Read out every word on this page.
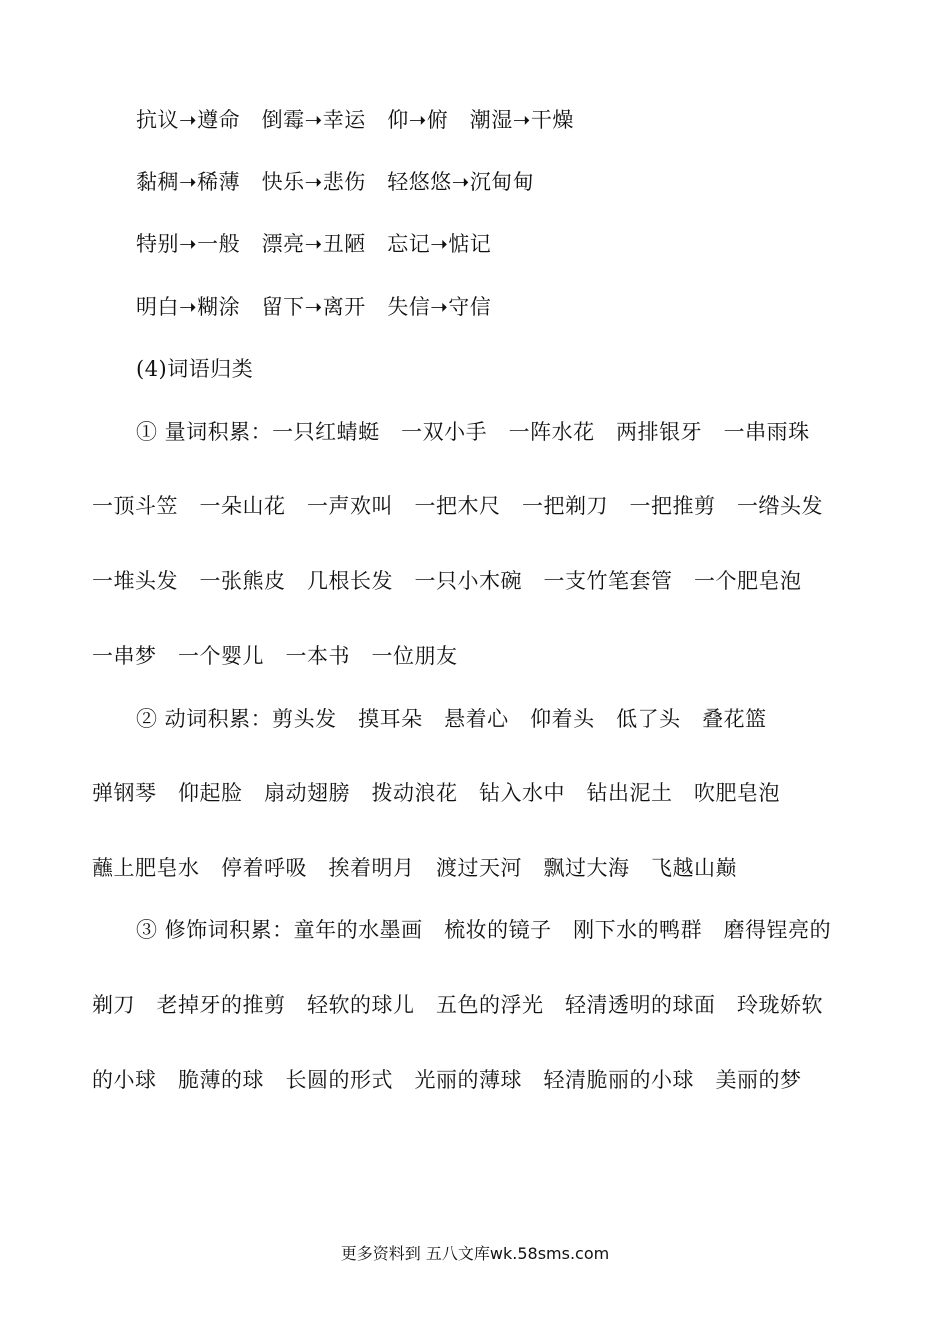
抗议➝遵命　倒霉➝幸运　仰➝俯　潮湿➝干燥
黏稠➝稀薄　快乐➝悲伤　轻悠悠➝沉甸甸
特别➝一般　漂亮➝丑陋　忘记➝惦记
明白➝糊涂　留下➝离开　失信➝守信
(4)词语归类
① 量词积累：一只红蜻蜓　一双小手　一阵水花　两排银牙　一串雨珠
一顶斗笠　一朵山花　一声欢叫　一把木尺　一把剃刀　一把推剪　一绺头发
一堆头发　一张熊皮　几根长发　一只小木碗　一支竹笔套管　一个肥皂泡
一串梦　一个婴儿　一本书　一位朋友
② 动词积累：剪头发　摸耳朵　悬着心　仰着头　低了头　叠花篮
弹钢琴　仰起脸　扇动翅膀　拨动浪花　钻入水中　钻出泥土　吹肥皂泡
蘸上肥皂水　停着呼吸　挨着明月　渡过天河　飘过大海　飞越山巅
③ 修饰词积累：童年的水墨画　梳妆的镜子　刚下水的鸭群　磨得锃亮的
剃刀　老掉牙的推剪　轻软的球儿　五色的浮光　轻清透明的球面　玲珑娇软
的小球　脆薄的球　长圆的形式　光丽的薄球　轻清脆丽的小球　美丽的梦
更多资料到 五八文库wk.58sms.com
